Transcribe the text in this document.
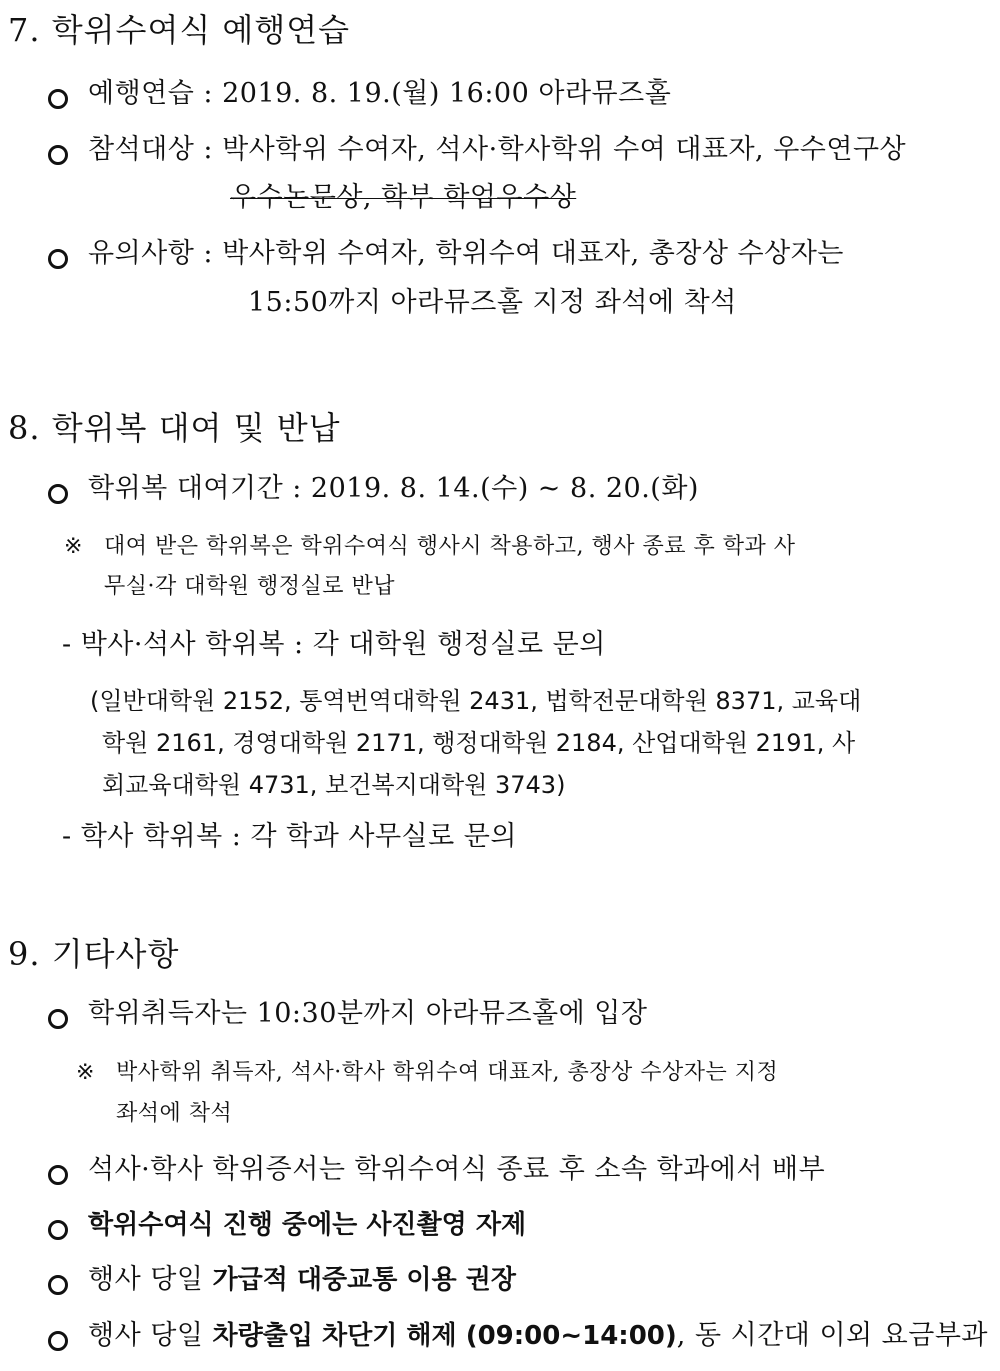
7. 학위수여식 예행연습
예행연습 : 2019. 8. 19.(월) 16:00 아라뮤즈홀
참석대상 : 박사학위 수여자, 석사·학사학위 수여 대표자, 우수연구상
우수논문상, 학부 학업우수상
유의사항 : 박사학위 수여자, 학위수여 대표자, 총장상 수상자는
15:50까지 아라뮤즈홀 지정 좌석에 착석
8. 학위복 대여 및 반납
학위복 대여기간 : 2019. 8. 14.(수) ~ 8. 20.(화)
※ 대여 받은 학위복은 학위수여식 행사시 착용하고, 행사 종료 후 학과 사
무실·각 대학원 행정실로 반납
- 박사·석사 학위복 : 각 대학원 행정실로 문의
(일반대학원 2152, 통역번역대학원 2431, 법학전문대학원 8371, 교육대
학원 2161, 경영대학원 2171, 행정대학원 2184, 산업대학원 2191, 사
회교육대학원 4731, 보건복지대학원 3743)
- 학사 학위복 : 각 학과 사무실로 문의
9. 기타사항
학위취득자는 10:30분까지 아라뮤즈홀에 입장
※ 박사학위 취득자, 석사·학사 학위수여 대표자, 총장상 수상자는 지정
좌석에 착석
석사·학사 학위증서는 학위수여식 종료 후 소속 학과에서 배부
학위수여식 진행 중에는 사진촬영 자제
행사 당일 가급적 대중교통 이용 권장
행사 당일 차량출입 차단기 해제 (09:00~14:00), 동 시간대 이외 요금부과
